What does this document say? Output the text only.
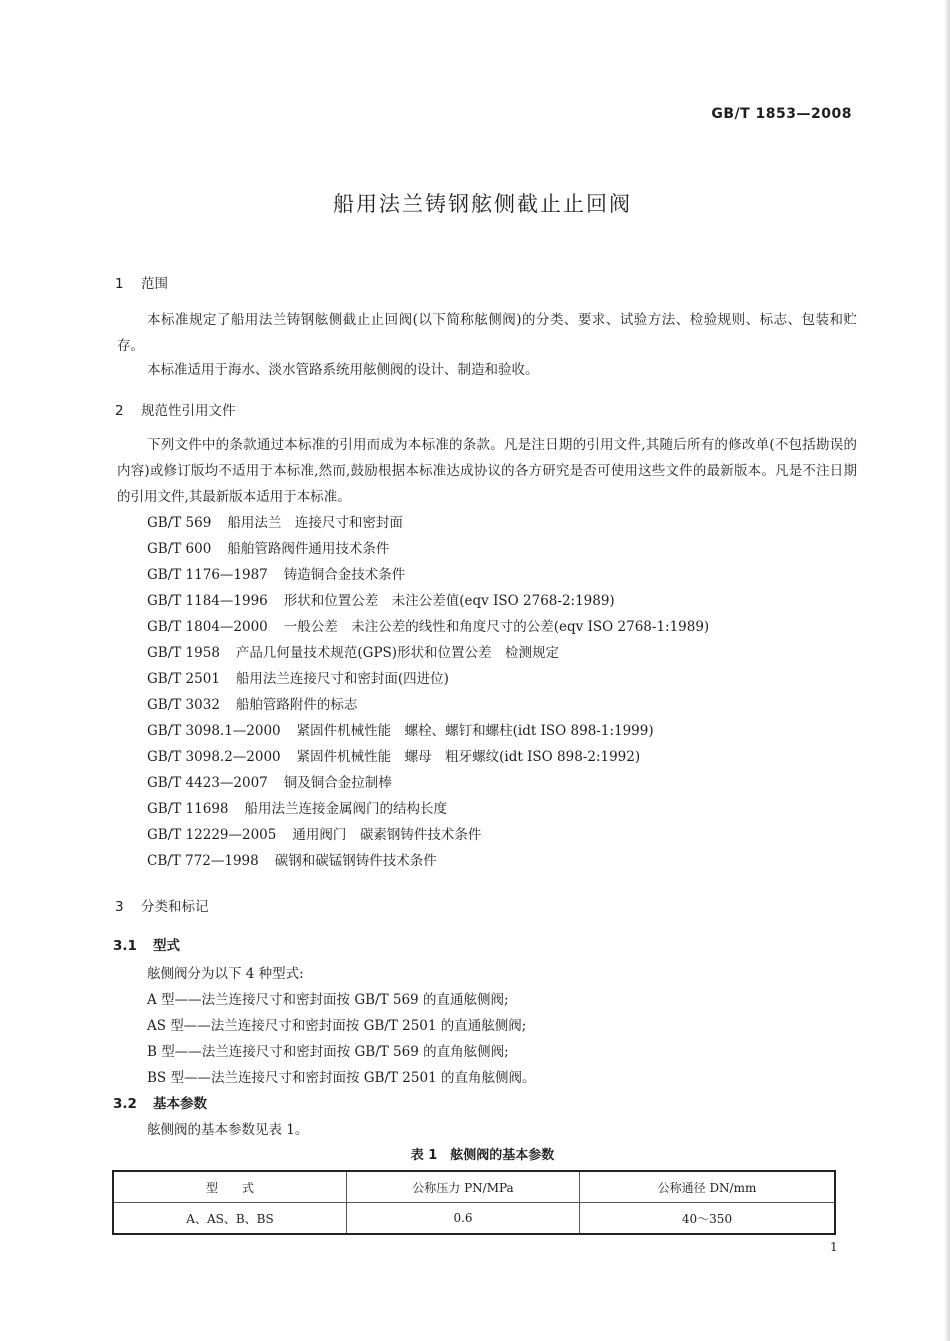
GB/T 1853—2008
船用法兰铸钢舷侧截止止回阀
1 范围
本标准规定了船用法兰铸钢舷侧截止止回阀(以下简称舷侧阀)的分类、要求、试验方法、检验规则、标志、包装和贮存。
本标准适用于海水、淡水管路系统用舷侧阀的设计、制造和验收。
2 规范性引用文件
下列文件中的条款通过本标准的引用而成为本标准的条款。凡是注日期的引用文件,其随后所有的修改单(不包括勘误的内容)或修订版均不适用于本标准,然而,鼓励根据本标准达成协议的各方研究是否可使用这些文件的最新版本。凡是不注日期的引用文件,其最新版本适用于本标准。
GB/T 569 船用法兰　连接尺寸和密封面
GB/T 600 船舶管路阀件通用技术条件
GB/T 1176—1987 铸造铜合金技术条件
GB/T 1184—1996 形状和位置公差　未注公差值(eqv ISO 2768-2:1989)
GB/T 1804—2000 一般公差　未注公差的线性和角度尺寸的公差(eqv ISO 2768-1:1989)
GB/T 1958 产品几何量技术规范(GPS)形状和位置公差　检测规定
GB/T 2501 船用法兰连接尺寸和密封面(四进位)
GB/T 3032 船舶管路附件的标志
GB/T 3098.1—2000 紧固件机械性能　螺栓、螺钉和螺柱(idt ISO 898-1:1999)
GB/T 3098.2—2000 紧固件机械性能　螺母　粗牙螺纹(idt ISO 898-2:1992)
GB/T 4423—2007 铜及铜合金拉制棒
GB/T 11698 船用法兰连接金属阀门的结构长度
GB/T 12229—2005 通用阀门　碳素钢铸件技术条件
CB/T 772—1998 碳钢和碳锰钢铸件技术条件
3 分类和标记
3.1 型式
舷侧阀分为以下 4 种型式:
A 型——法兰连接尺寸和密封面按 GB/T 569 的直通舷侧阀;
AS 型——法兰连接尺寸和密封面按 GB/T 2501 的直通舷侧阀;
B 型——法兰连接尺寸和密封面按 GB/T 569 的直角舷侧阀;
BS 型——法兰连接尺寸和密封面按 GB/T 2501 的直角舷侧阀。
3.2 基本参数
舷侧阀的基本参数见表 1。
表 1　舷侧阀的基本参数
型　　式	公称压力 PN/MPa	公称通径 DN/mm
A、AS、B、BS	0.6	40～350
1
